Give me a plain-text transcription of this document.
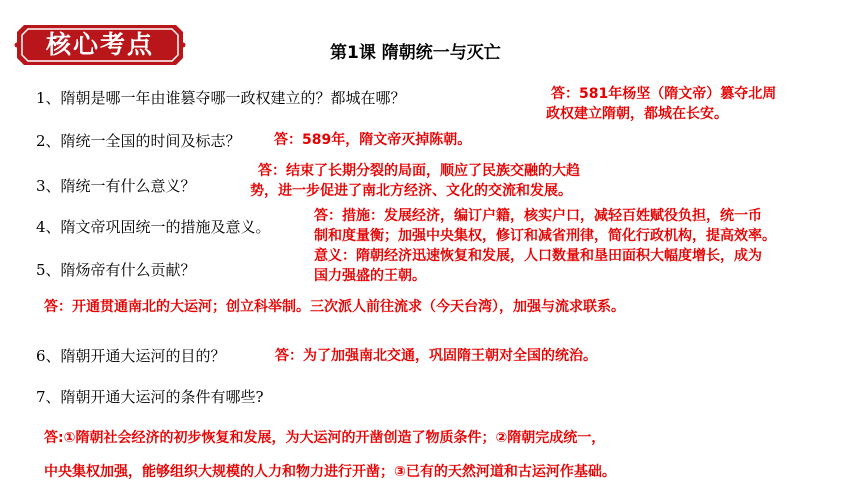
核心考点	第1课 隋朝统一与灭亡
1、隋朝是哪一年由谁篡夺哪一政权建立的？都城在哪？	答：581年杨坚（隋文帝）篡夺北周
政权建立隋朝，都城在长安。
2、隋统一全国的时间及标志？ 答：589年，隋文帝灭掉陈朝。
3、隋统一有什么意义？
答：结束了长期分裂的局面，顺应了民族交融的大趋
势，进一步促进了南北方经济、文化的交流和发展。
4、隋文帝巩固统一的措施及意义。
答：措施：发展经济，编订户籍，核实户口，减轻百姓赋役负担，统一币
制和度量衡；加强中央集权，修订和减省刑律，简化行政机构，提高效率。
意义：隋朝经济迅速恢复和发展，人口数量和垦田面积大幅度增长，成为
国力强盛的王朝。
5、隋炀帝有什么贡献？
答：开通贯通南北的大运河；创立科举制。三次派人前往流求（今天台湾），加强与流求联系。
6、隋朝开通大运河的目的？	答：为了加强南北交通，巩固隋王朝对全国的统治。
7、隋朝开通大运河的条件有哪些?
答:①隋朝社会经济的初步恢复和发展，为大运河的开凿创造了物质条件；②隋朝完成统一，
中央集权加强，能够组织大规模的人力和物力进行开凿；③已有的天然河道和古运河作基础。
